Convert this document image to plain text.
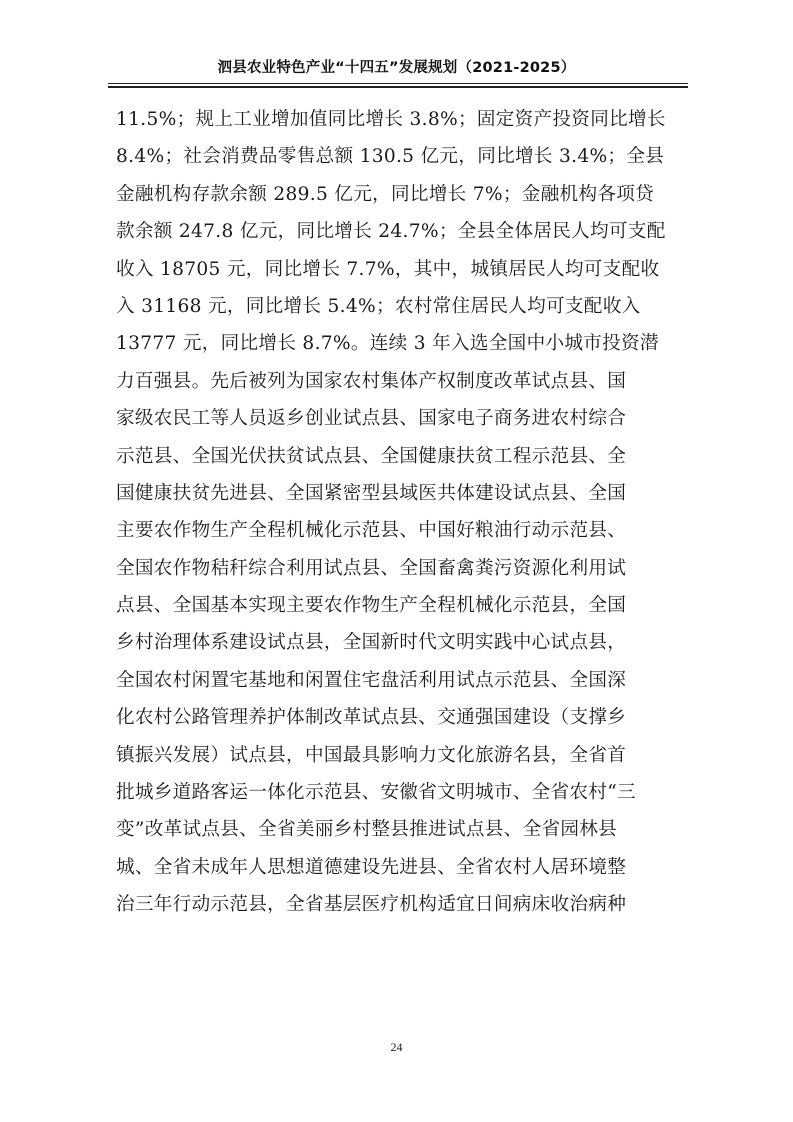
泗县农业特色产业“十四五”发展规划（2021-2025）
11.5%；规上工业增加值同比增长 3.8%；固定资产投资同比增长
8.4%；社会消费品零售总额 130.5 亿元，同比增长 3.4%；全县
金融机构存款余额 289.5 亿元，同比增长 7%；金融机构各项贷
款余额 247.8 亿元，同比增长 24.7%；全县全体居民人均可支配
收入 18705 元，同比增长 7.7%，其中，城镇居民人均可支配收
入 31168 元，同比增长 5.4%；农村常住居民人均可支配收入
13777 元，同比增长 8.7%。连续 3 年入选全国中小城市投资潜
力百强县。先后被列为国家农村集体产权制度改革试点县、国
家级农民工等人员返乡创业试点县、国家电子商务进农村综合
示范县、全国光伏扶贫试点县、全国健康扶贫工程示范县、全
国健康扶贫先进县、全国紧密型县域医共体建设试点县、全国
主要农作物生产全程机械化示范县、中国好粮油行动示范县、
全国农作物秸秆综合利用试点县、全国畜禽粪污资源化利用试
点县、全国基本实现主要农作物生产全程机械化示范县，全国
乡村治理体系建设试点县，全国新时代文明实践中心试点县，
全国农村闲置宅基地和闲置住宅盘活利用试点示范县、全国深
化农村公路管理养护体制改革试点县、交通强国建设（支撑乡
镇振兴发展）试点县，中国最具影响力文化旅游名县，全省首
批城乡道路客运一体化示范县、安徽省文明城市、全省农村“三
变”改革试点县、全省美丽乡村整县推进试点县、全省园林县
城、全省未成年人思想道德建设先进县、全省农村人居环境整
治三年行动示范县，全省基层医疗机构适宜日间病床收治病种
24
